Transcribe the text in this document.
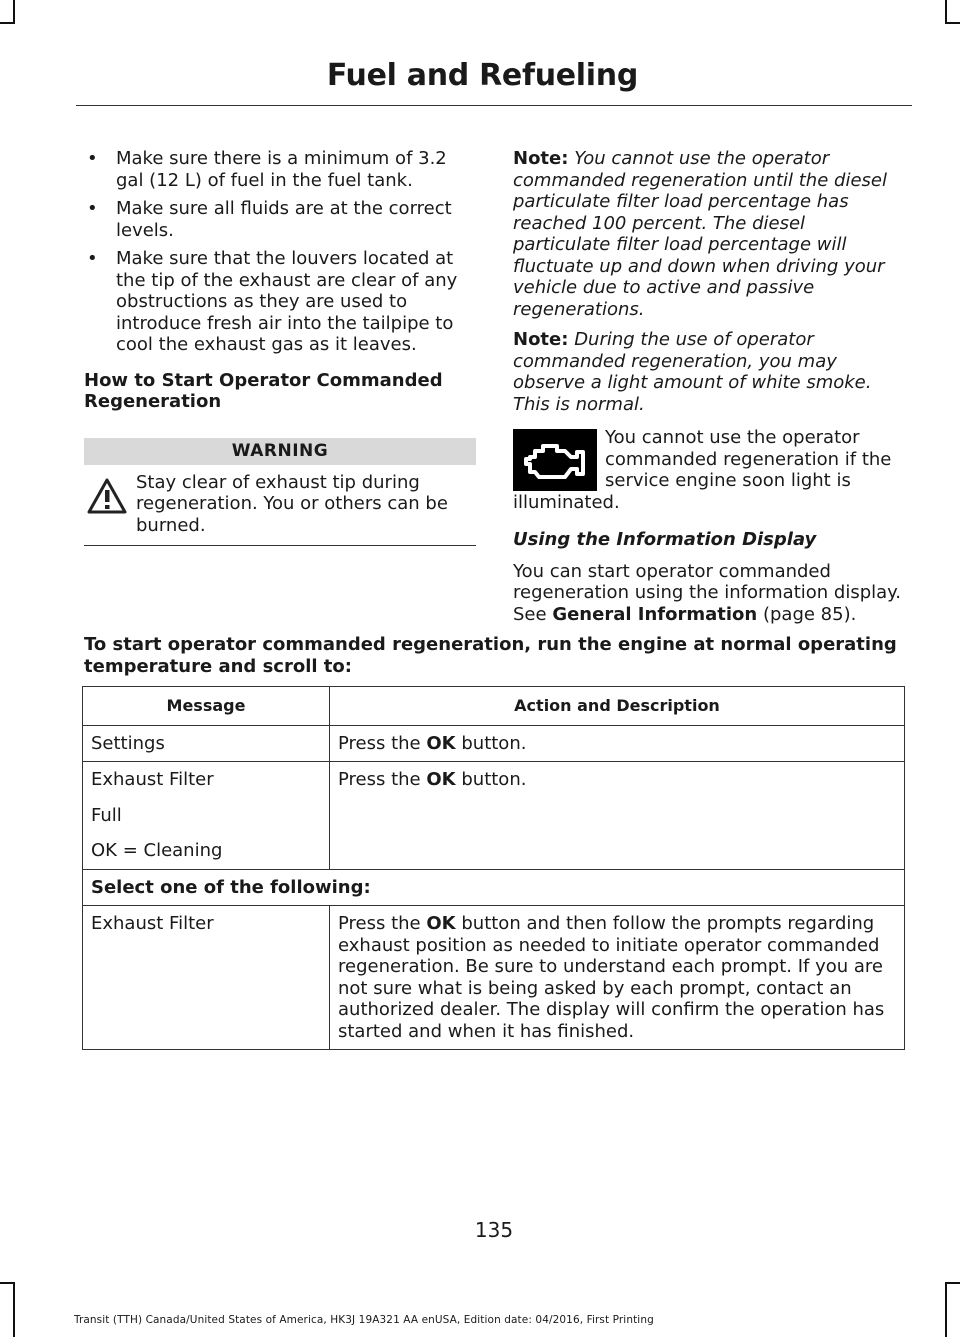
Fuel and Refueling
• Make sure there is a minimum of 3.2 gal (12 L) of fuel in the fuel tank.
• Make sure all fluids are at the correct levels.
• Make sure that the louvers located at the tip of the exhaust are clear of any obstructions as they are used to introduce fresh air into the tailpipe to cool the exhaust gas as it leaves.
How to Start Operator Commanded Regeneration
WARNING
Stay clear of exhaust tip during regeneration. You or others can be burned.

Note: You cannot use the operator commanded regeneration until the diesel particulate filter load percentage has reached 100 percent. The diesel particulate filter load percentage will fluctuate up and down when driving your vehicle due to active and passive regenerations.

Note: During the use of operator commanded regeneration, you may observe a light amount of white smoke. This is normal.

You cannot use the operator commanded regeneration if the service engine soon light is illuminated.
Using the Information Display

You can start operator commanded regeneration using the information display. See General Information (page 85).

To start operator commanded regeneration, run the engine at normal operating temperature and scroll to:
Message	Action and Description
Settings	Press the OK button.

Exhaust Filter

Full

OK = Cleaning	Press the OK button.
Select one of the following:	
Exhaust Filter	Press the OK button and then follow the prompts regarding exhaust position as needed to initiate operator commanded regeneration. Be sure to understand each prompt. If you are not sure what is being asked by each prompt, contact an authorized dealer. The display will confirm the operation has started and when it has finished.
135
Transit (TTH) Canada/United States of America, HK3J 19A321 AA enUSA, Edition date: 04/2016, First Printing
